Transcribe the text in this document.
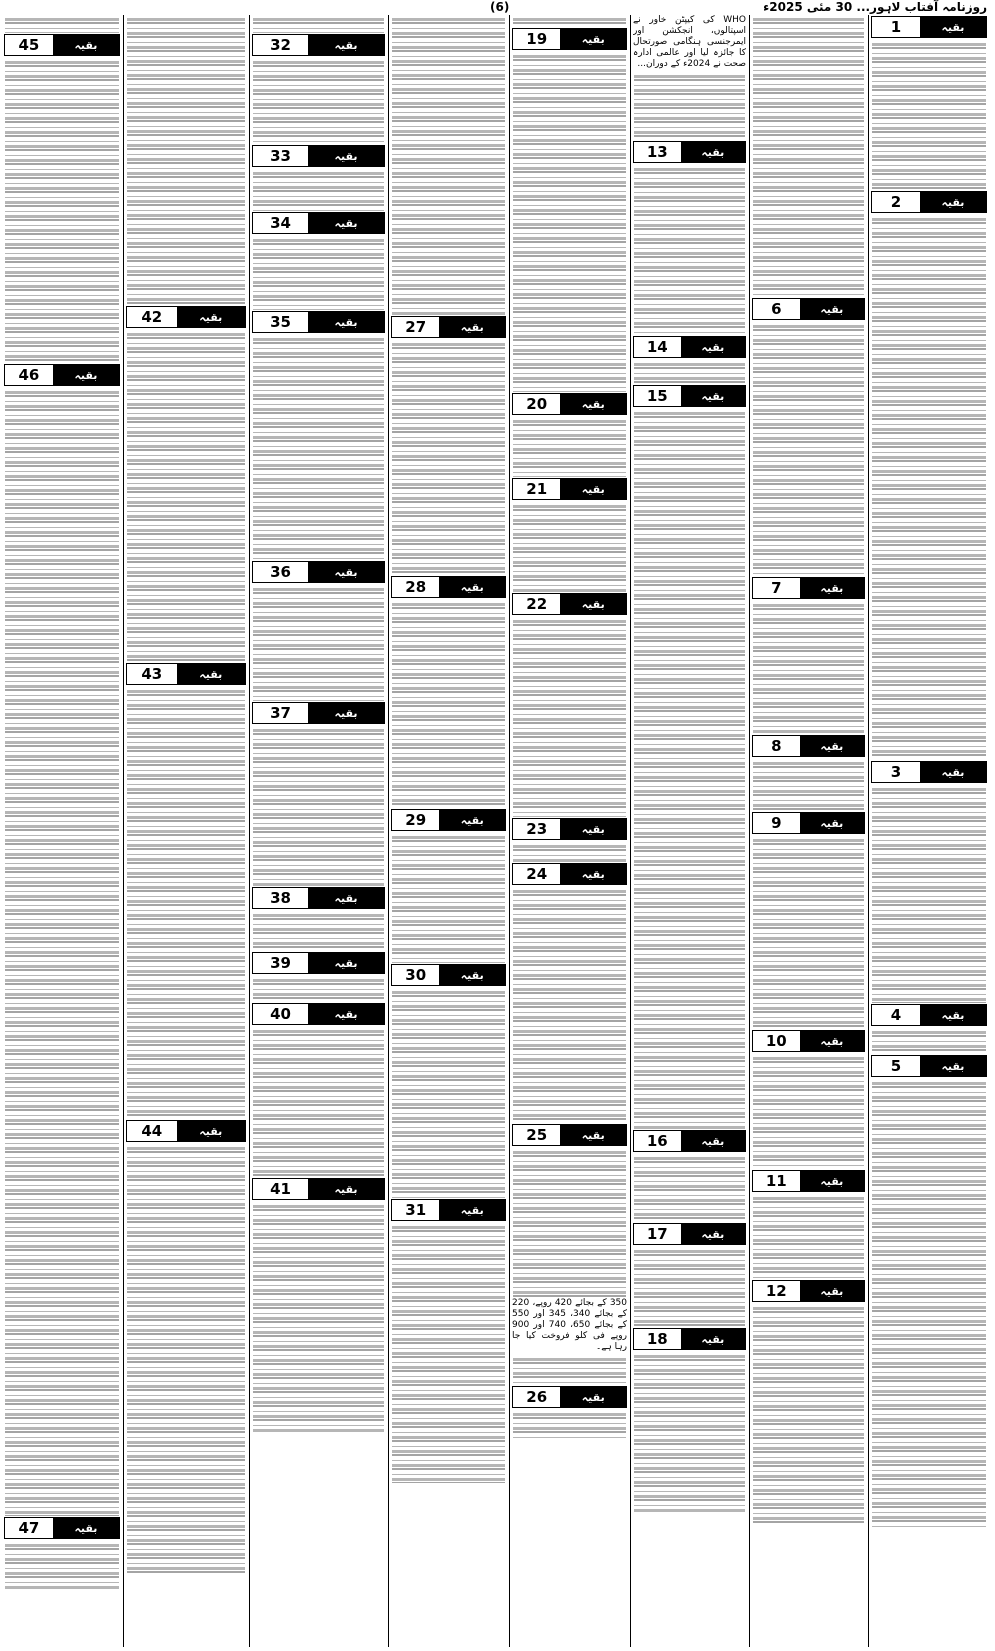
روزنامہ آفتاب لاہور... 30 مئی 2025ء
(6)
1	بقیہ
2	بقیہ
3	بقیہ
4	بقیہ
5	بقیہ
6	بقیہ
7	بقیہ
8	بقیہ
9	بقیہ
10	بقیہ
11	بقیہ
12	بقیہ

WHO کی کیپٹن خاور نے اسپتالوں، انجکشن اور ایمرجنسی ہنگامی صورتحال کا جائزہ لیا اور عالمی ادارہ صحت نے 2024ء کے دوران...

13	بقیہ
14	بقیہ
15	بقیہ
16	بقیہ
17	بقیہ
18	بقیہ
19	بقیہ
20	بقیہ
21	بقیہ
22	بقیہ
23	بقیہ
24	بقیہ
25	بقیہ

350 کے بجائے 420 روپے، 220 کے بجائے 340، 345 اور 550 کے بجائے 650، 740 اور 900 روپے فی کلو فروخت کیا جا رہا ہے۔

26	بقیہ
27	بقیہ
28	بقیہ
29	بقیہ
30	بقیہ
31	بقیہ
32	بقیہ
33	بقیہ
34	بقیہ
35	بقیہ
36	بقیہ
37	بقیہ
38	بقیہ
39	بقیہ
40	بقیہ
41	بقیہ
42	بقیہ
43	بقیہ
44	بقیہ
45	بقیہ
46	بقیہ
47	بقیہ
